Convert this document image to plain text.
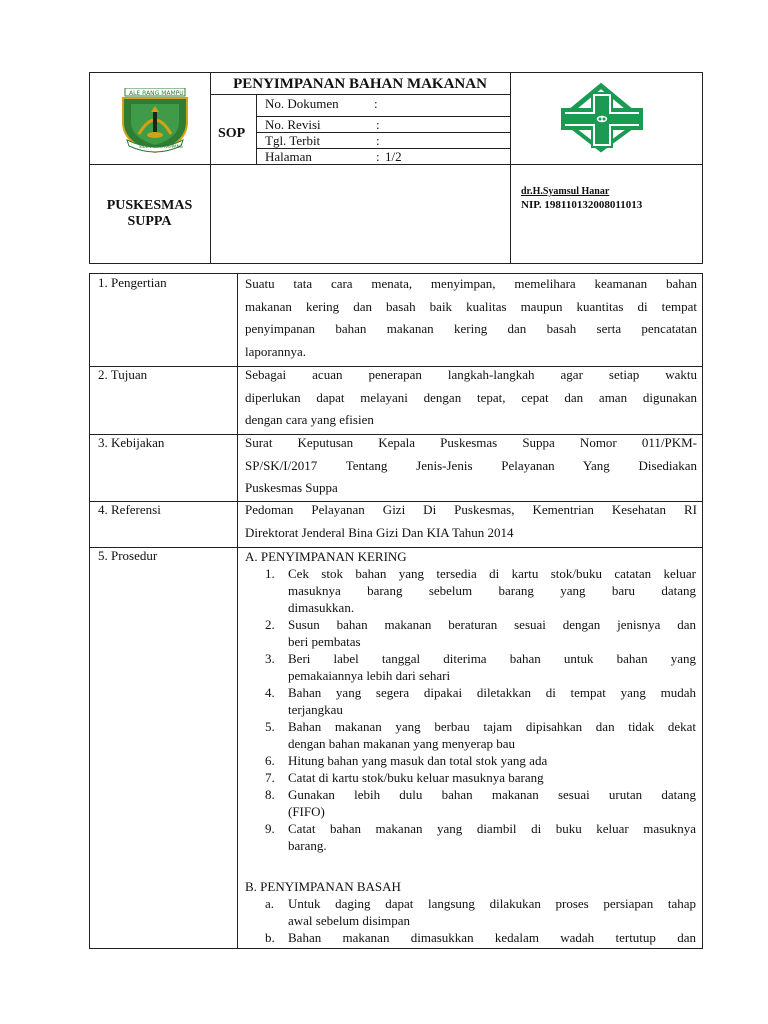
ALE RANG MAMPU
SIDENRENG RAPPANG
PENYIMPANAN BAHAN MAKANAN
SOP
No. Dokumen	:
No. Revisi	:
Tgl. Terbit	:
Halaman	: 1/2
PUSKESMAS
SUPPA
dr.H.Syamsul Hanar
NIP. 198110132008011013
1. Pengertian	Suatu tata cara menata, menyimpan, memelihara keamanan bahan
makanan kering dan basah baik kualitas maupun kuantitas di tempat
penyimpanan bahan makanan kering dan basah serta pencatatan
laporannya.
2. Tujuan	Sebagai acuan penerapan langkah-langkah agar setiap waktu
diperlukan dapat melayani dengan tepat, cepat dan aman digunakan
dengan cara yang efisien
3. Kebijakan	Surat Keputusan Kepala Puskesmas Suppa Nomor 011/PKM-
SP/SK/I/2017 Tentang Jenis-Jenis Pelayanan Yang Disediakan
Puskesmas Suppa
4. Referensi	Pedoman Pelayanan Gizi Di Puskesmas, Kementrian Kesehatan RI
Direktorat Jenderal Bina Gizi Dan KIA Tahun 2014
5. Prosedur	A. PENYIMPANAN KERING
1. Cek stok bahan yang tersedia di kartu stok/buku catatan keluar
masuknya barang sebelum barang yang baru datang
dimasukkan.
2. Susun bahan makanan beraturan sesuai dengan jenisnya dan
beri pembatas
3. Beri label tanggal diterima bahan untuk bahan yang
pemakaiannya lebih dari sehari
4. Bahan yang segera dipakai diletakkan di tempat yang mudah
terjangkau
5. Bahan makanan yang berbau tajam dipisahkan dan tidak dekat
dengan bahan makanan yang menyerap bau
6. Hitung bahan yang masuk dan total stok yang ada
7. Catat di kartu stok/buku keluar masuknya barang
8. Gunakan lebih dulu bahan makanan sesuai urutan datang
(FIFO)
9. Catat bahan makanan yang diambil di buku keluar masuknya
barang.
B. PENYIMPANAN BASAH
a. Untuk daging dapat langsung dilakukan proses persiapan tahap
awal sebelum disimpan
b. Bahan makanan dimasukkan kedalam wadah tertutup dan
